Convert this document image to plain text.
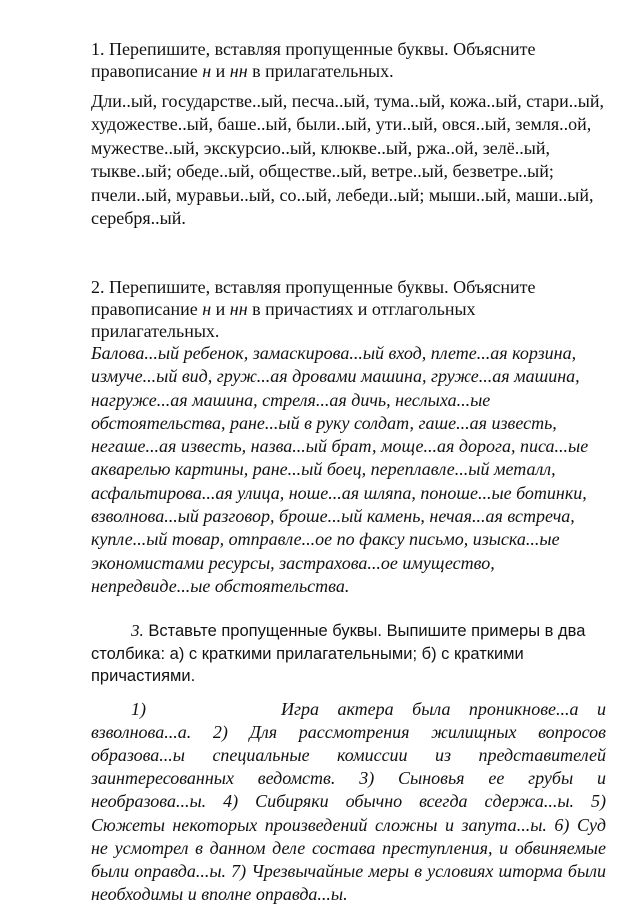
1. Перепишите, вставляя пропущенные буквы. Объясните правописание н и нн в прилагательных.

Дли..ый, государстве..ый, песча..ый, тума..ый, кожа..ый, стари..ый, художестве..ый, баше..ый, были..ый, ути..ый, овся..ый, земля..ой, мужестве..ый, экскурсио..ый, клюкве..ый, ржа..ой, зелё..ый, тыкве..ый; обеде..ый, обществе..ый, ветре..ый, безветре..ый; пчели..ый, муравьи..ый, со..ый, лебеди..ый; мыши..ый, маши..ый, серебря..ый.

2. Перепишите, вставляя пропущенные буквы. Объясните правописание н и нн в причастиях и отглагольных прилагательных.

Балова...ый ребенок, замаскирова...ый вход, плете...ая корзина, измуче...ый вид, груж...ая дровами машина, груже...ая машина, нагруже...ая машина, стреля...ая дичь, неслыха...ые обстоятельства, ране...ый в руку солдат, гаше...ая известь, негаше...ая известь, назва...ый брат, моще...ая дорога, писа...ые акварелью картины, ране...ый боец, переплавле...ый металл, асфальтирова...ая улица, ноше...ая шляпа, поноше...ые ботинки, взволнова...ый разговор, броше...ый камень, нечая...ая встреча, купле...ый товар, отправле...ое по факсу письмо, изыска...ые экономистами ресурсы, застрахова...ое имущество, непредвиде...ые обстоятельства.

3. Вставьте пропущенные буквы. Выпишите примеры в два столбика: а) с краткими прилагательными; б) с краткими причастиями.

1)	Игра актера была проникнове...а и взволнова...а. 2) Для рассмотрения жилищных вопросов образова...ы специальные комиссии из представителей заинтересованных ведомств. 3) Сыновья ее грубы и необразова...ы. 4) Сибиряки обычно всегда сдержа...ы. 5) Сюжеты некоторых произведений сложны и запута...ы. 6) Суд не усмотрел в данном деле состава преступления, и обвиняемые были оправда...ы. 7) Чрезвычайные меры в условиях шторма были необходимы и вполне оправда...ы.
